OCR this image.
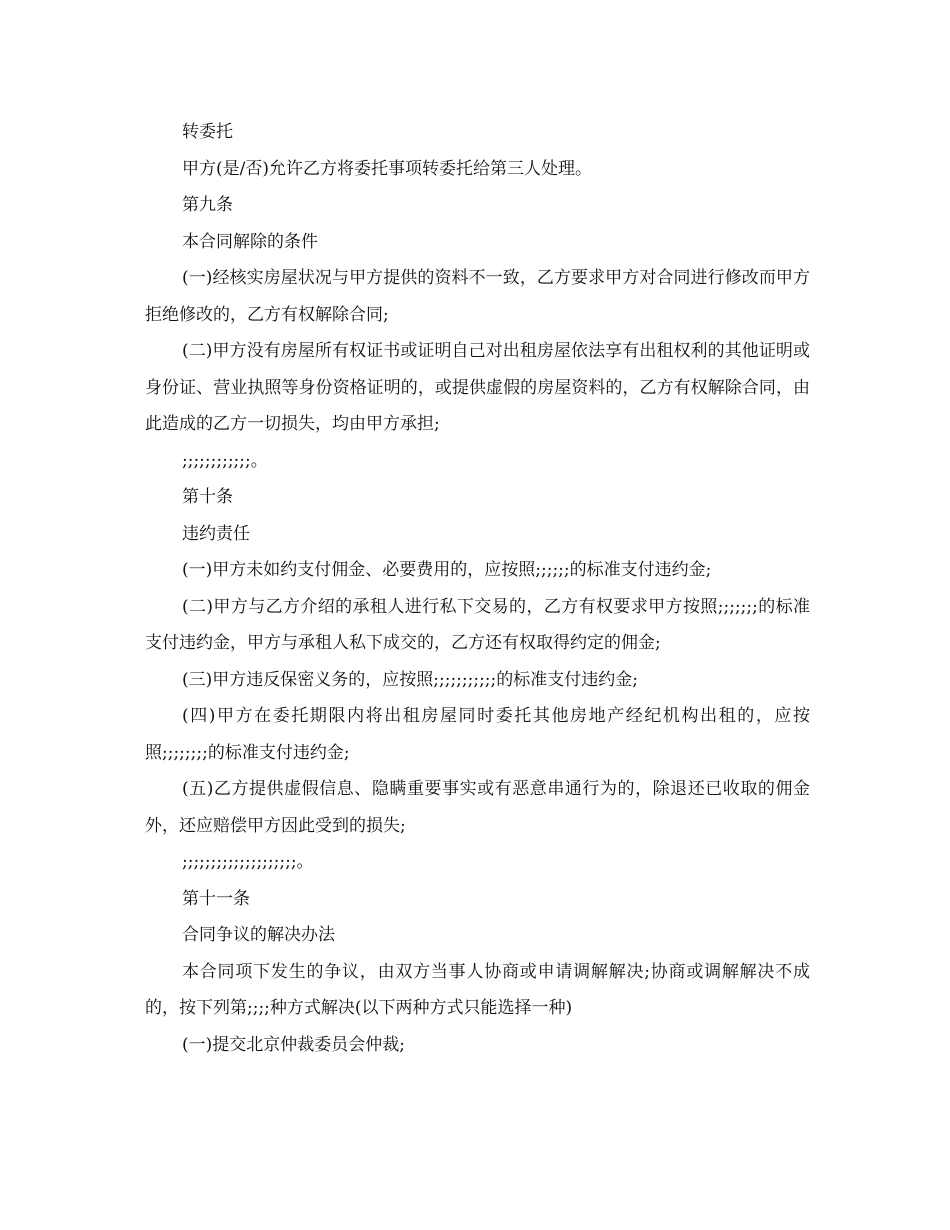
转委托

甲方(是/否)允许乙方将委托事项转委托给第三人处理。

第九条

本合同解除的条件

(一)经核实房屋状况与甲方提供的资料不一致，乙方要求甲方对合同进行修改而甲方拒绝修改的，乙方有权解除合同;

(二)甲方没有房屋所有权证书或证明自己对出租房屋依法享有出租权利的其他证明或身份证、营业执照等身份资格证明的，或提供虚假的房屋资料的，乙方有权解除合同，由此造成的乙方一切损失，均由甲方承担;

;;;;;;;;;;;;。

第十条

违约责任

(一)甲方未如约支付佣金、必要费用的，应按照;;;;;;的标准支付违约金;

(二)甲方与乙方介绍的承租人进行私下交易的，乙方有权要求甲方按照;;;;;;;的标准支付违约金，甲方与承租人私下成交的，乙方还有权取得约定的佣金;

(三)甲方违反保密义务的，应按照;;;;;;;;;;;的标准支付违约金;

(四)甲方在委托期限内将出租房屋同时委托其他房地产经纪机构出租的，应按照;;;;;;;;的标准支付违约金;

(五)乙方提供虚假信息、隐瞒重要事实或有恶意串通行为的，除退还已收取的佣金外，还应赔偿甲方因此受到的损失;

;;;;;;;;;;;;;;;;;;;;。

第十一条

合同争议的解决办法

本合同项下发生的争议，由双方当事人协商或申请调解解决;协商或调解解决不成的，按下列第;;;;种方式解决(以下两种方式只能选择一种)

(一)提交北京仲裁委员会仲裁;
